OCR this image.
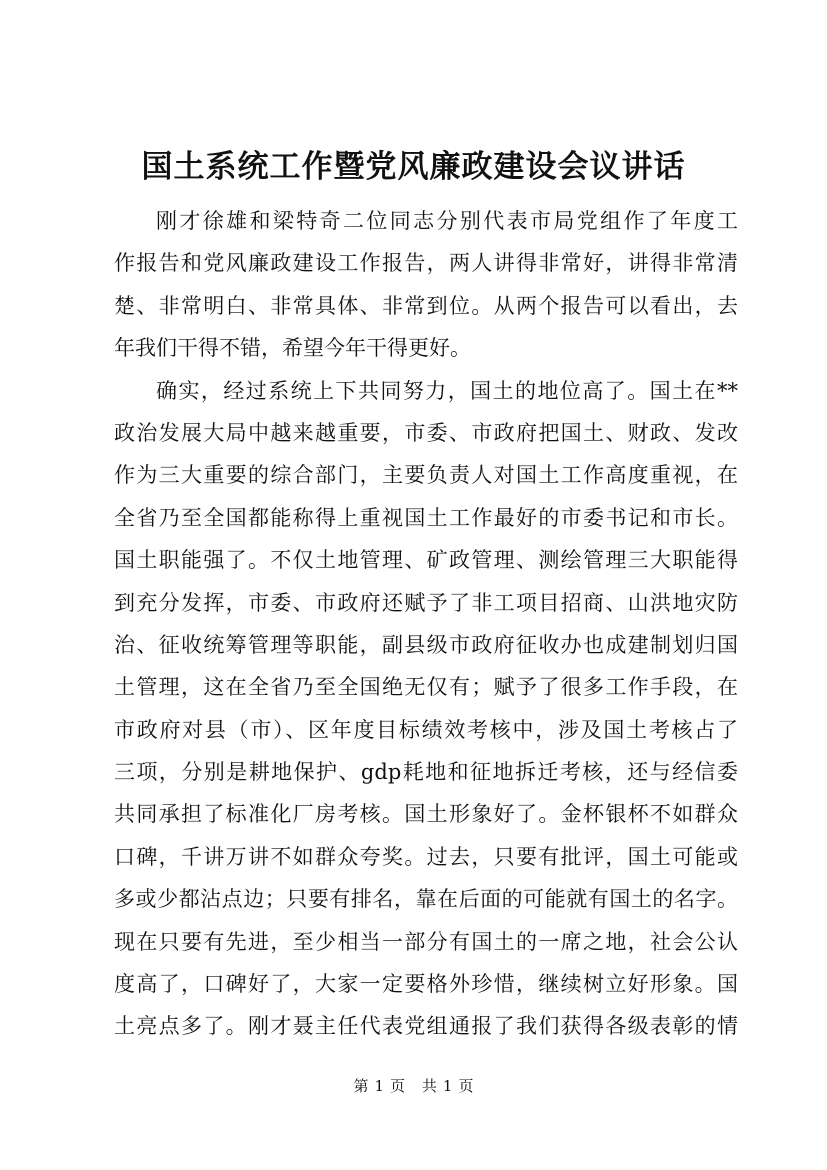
国土系统工作暨党风廉政建设会议讲话
刚才徐雄和梁特奇二位同志分别代表市局党组作了年度工
作报告和党风廉政建设工作报告，两人讲得非常好，讲得非常清
楚、非常明白、非常具体、非常到位。从两个报告可以看出，去
年我们干得不错，希望今年干得更好。
确实，经过系统上下共同努力，国土的地位高了。国土在**
政治发展大局中越来越重要，市委、市政府把国土、财政、发改
作为三大重要的综合部门，主要负责人对国土工作高度重视，在
全省乃至全国都能称得上重视国土工作最好的市委书记和市长。
国土职能强了。不仅土地管理、矿政管理、测绘管理三大职能得
到充分发挥，市委、市政府还赋予了非工项目招商、山洪地灾防
治、征收统筹管理等职能，副县级市政府征收办也成建制划归国
土管理，这在全省乃至全国绝无仅有；赋予了很多工作手段，在
市政府对县（市）、区年度目标绩效考核中，涉及国土考核占了
三项，分别是耕地保护、gdp耗地和征地拆迁考核，还与经信委
共同承担了标准化厂房考核。国土形象好了。金杯银杯不如群众
口碑，千讲万讲不如群众夸奖。过去，只要有批评，国土可能或
多或少都沾点边；只要有排名，靠在后面的可能就有国土的名字。
现在只要有先进，至少相当一部分有国土的一席之地，社会公认
度高了，口碑好了，大家一定要格外珍惜，继续树立好形象。国
土亮点多了。刚才聂主任代表党组通报了我们获得各级表彰的情
第 1 页 共 1 页
